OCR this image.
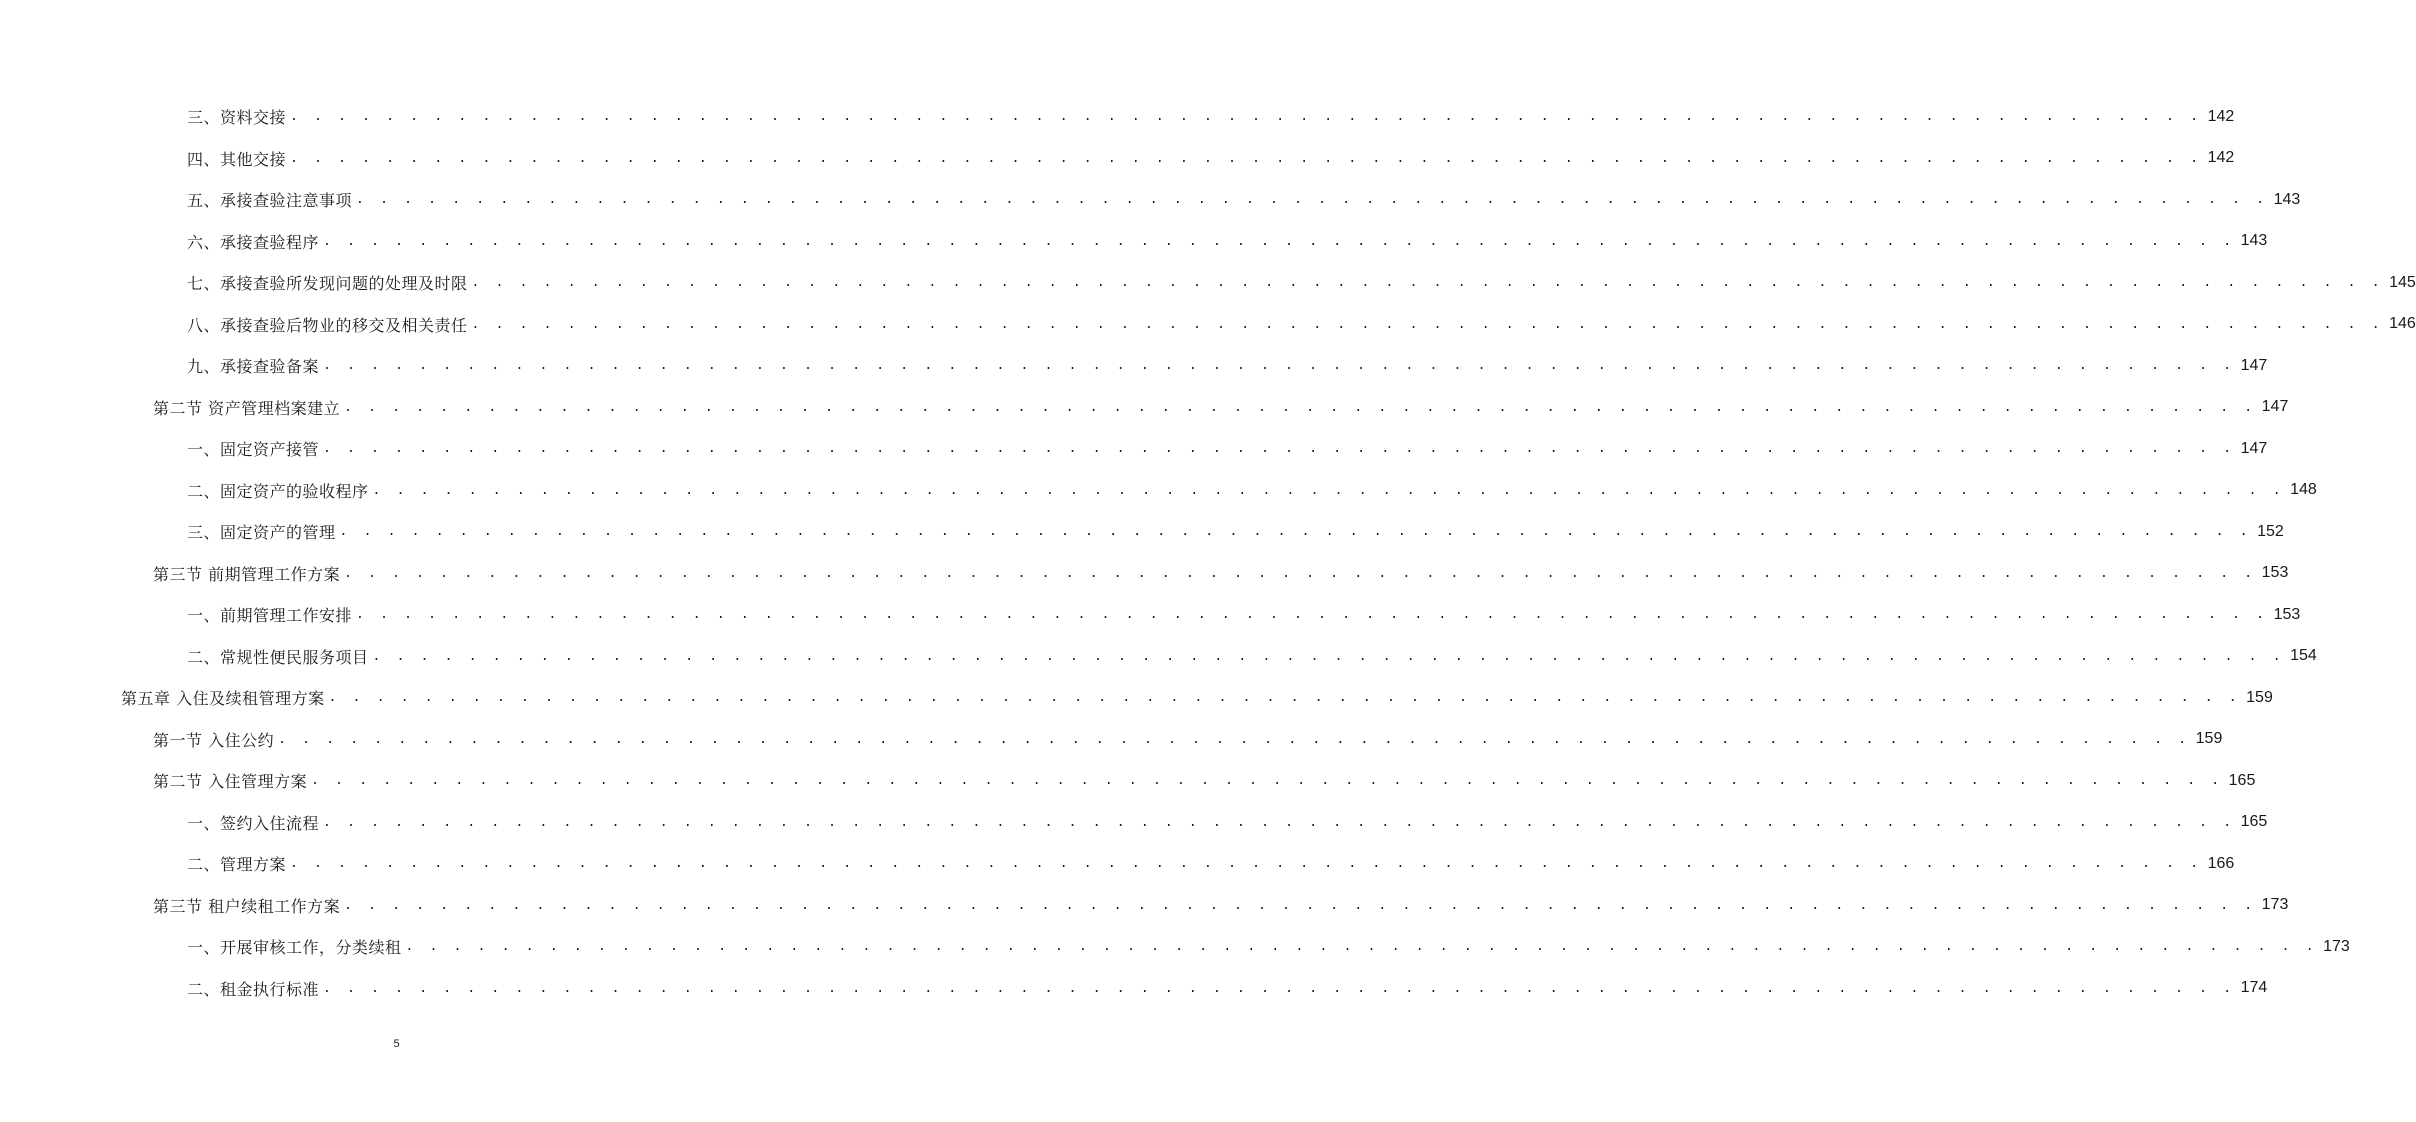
三、资料交接 . . . . . . . . . . . . . . . . . . . . . . . . . . . . . . . . . . . . . . . . . . . . . . . . . . . . . . . . . . . . . . . . . . . . . . . . . . . . . . . . 142
四、其他交接 . . . . . . . . . . . . . . . . . . . . . . . . . . . . . . . . . . . . . . . . . . . . . . . . . . . . . . . . . . . . . . . . . . . . . . . . . . . . . . . . 142
五、承接查验注意事项 . . . . . . . . . . . . . . . . . . . . . . . . . . . . . . . . . . . . . . . . . . . . . . . . . . . . . . . . . . . . . . . . . . . . . . . . . . . . . . . . 143
六、承接查验程序 . . . . . . . . . . . . . . . . . . . . . . . . . . . . . . . . . . . . . . . . . . . . . . . . . . . . . . . . . . . . . . . . . . . . . . . . . . . . . . . . 143
七、承接查验所发现问题的处理及时限 . . . . . . . . . . . . . . . . . . . . . . . . . . . . . . . . . . . . . . . . . . . . . . . . . . . . . . . . . . . . . . . . . . . . . . . . . . . . . . . . 145
八、承接查验后物业的移交及相关责任 . . . . . . . . . . . . . . . . . . . . . . . . . . . . . . . . . . . . . . . . . . . . . . . . . . . . . . . . . . . . . . . . . . . . . . . . . . . . . . . . 146
九、承接查验备案 . . . . . . . . . . . . . . . . . . . . . . . . . . . . . . . . . . . . . . . . . . . . . . . . . . . . . . . . . . . . . . . . . . . . . . . . . . . . . . . . 147
第二节 资产管理档案建立 . . . . . . . . . . . . . . . . . . . . . . . . . . . . . . . . . . . . . . . . . . . . . . . . . . . . . . . . . . . . . . . . . . . . . . . . . . . . . . . . 147
一、固定资产接管 . . . . . . . . . . . . . . . . . . . . . . . . . . . . . . . . . . . . . . . . . . . . . . . . . . . . . . . . . . . . . . . . . . . . . . . . . . . . . . . . 147
二、固定资产的验收程序 . . . . . . . . . . . . . . . . . . . . . . . . . . . . . . . . . . . . . . . . . . . . . . . . . . . . . . . . . . . . . . . . . . . . . . . . . . . . . . . . 148
三、固定资产的管理 . . . . . . . . . . . . . . . . . . . . . . . . . . . . . . . . . . . . . . . . . . . . . . . . . . . . . . . . . . . . . . . . . . . . . . . . . . . . . . . . 152
第三节 前期管理工作方案 . . . . . . . . . . . . . . . . . . . . . . . . . . . . . . . . . . . . . . . . . . . . . . . . . . . . . . . . . . . . . . . . . . . . . . . . . . . . . . . . 153
一、前期管理工作安排 . . . . . . . . . . . . . . . . . . . . . . . . . . . . . . . . . . . . . . . . . . . . . . . . . . . . . . . . . . . . . . . . . . . . . . . . . . . . . . . . 153
二、常规性便民服务项目 . . . . . . . . . . . . . . . . . . . . . . . . . . . . . . . . . . . . . . . . . . . . . . . . . . . . . . . . . . . . . . . . . . . . . . . . . . . . . . . . 154
第五章 入住及续租管理方案 . . . . . . . . . . . . . . . . . . . . . . . . . . . . . . . . . . . . . . . . . . . . . . . . . . . . . . . . . . . . . . . . . . . . . . . . . . . . . . . . 159
第一节 入住公约 . . . . . . . . . . . . . . . . . . . . . . . . . . . . . . . . . . . . . . . . . . . . . . . . . . . . . . . . . . . . . . . . . . . . . . . . . . . . . . . . 159
第二节 入住管理方案 . . . . . . . . . . . . . . . . . . . . . . . . . . . . . . . . . . . . . . . . . . . . . . . . . . . . . . . . . . . . . . . . . . . . . . . . . . . . . . . . 165
一、签约入住流程 . . . . . . . . . . . . . . . . . . . . . . . . . . . . . . . . . . . . . . . . . . . . . . . . . . . . . . . . . . . . . . . . . . . . . . . . . . . . . . . . 165
二、管理方案 . . . . . . . . . . . . . . . . . . . . . . . . . . . . . . . . . . . . . . . . . . . . . . . . . . . . . . . . . . . . . . . . . . . . . . . . . . . . . . . . 166
第三节 租户续租工作方案 . . . . . . . . . . . . . . . . . . . . . . . . . . . . . . . . . . . . . . . . . . . . . . . . . . . . . . . . . . . . . . . . . . . . . . . . . . . . . . . . 173
一、开展审核工作，分类续租 . . . . . . . . . . . . . . . . . . . . . . . . . . . . . . . . . . . . . . . . . . . . . . . . . . . . . . . . . . . . . . . . . . . . . . . . . . . . . . . . 173
二、租金执行标准 . . . . . . . . . . . . . . . . . . . . . . . . . . . . . . . . . . . . . . . . . . . . . . . . . . . . . . . . . . . . . . . . . . . . . . . . . . . . . . . . 174
5
